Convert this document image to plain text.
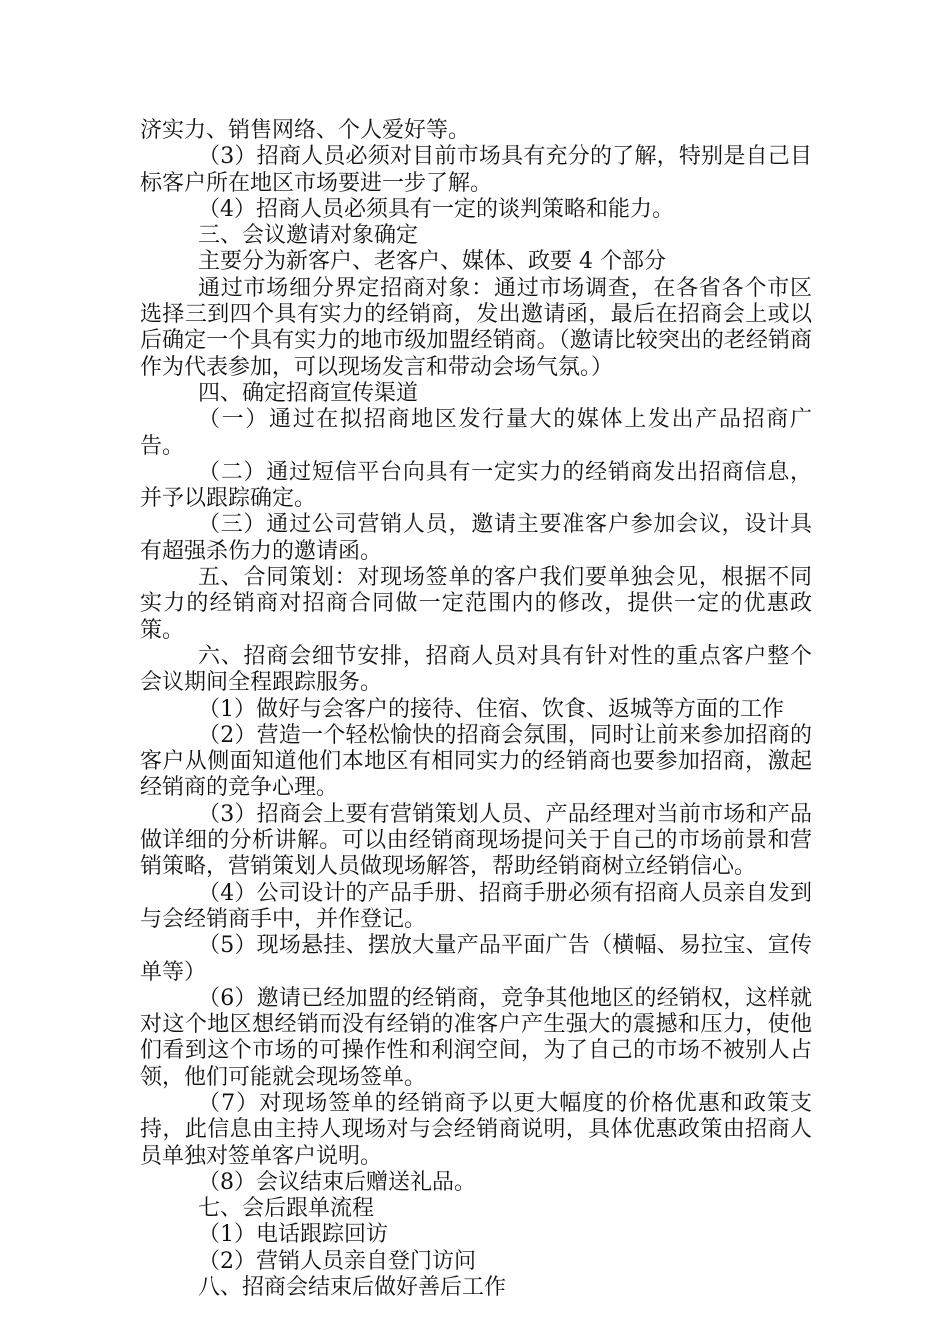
济实力、销售网络、个人爱好等。

（3）招商人员必须对目前市场具有充分的了解，特别是自己目标客户所在地区市场要进一步了解。

（4）招商人员必须具有一定的谈判策略和能力。

三、会议邀请对象确定

主要分为新客户、老客户、媒体、政要 4 个部分

通过市场细分界定招商对象：通过市场调查，在各省各个市区选择三到四个具有实力的经销商，发出邀请函，最后在招商会上或以后确定一个具有实力的地市级加盟经销商。（邀请比较突出的老经销商作为代表参加，可以现场发言和带动会场气氛。）

四、确定招商宣传渠道

（一）通过在拟招商地区发行量大的媒体上发出产品招商广告。

（二）通过短信平台向具有一定实力的经销商发出招商信息，并予以跟踪确定。

（三）通过公司营销人员，邀请主要准客户参加会议，设计具有超强杀伤力的邀请函。

五、合同策划：对现场签单的客户我们要单独会见，根据不同实力的经销商对招商合同做一定范围内的修改，提供一定的优惠政策。

六、招商会细节安排，招商人员对具有针对性的重点客户整个会议期间全程跟踪服务。

（1）做好与会客户的接待、住宿、饮食、返城等方面的工作

（2）营造一个轻松愉快的招商会氛围，同时让前来参加招商的客户从侧面知道他们本地区有相同实力的经销商也要参加招商，激起经销商的竞争心理。

（3）招商会上要有营销策划人员、产品经理对当前市场和产品做详细的分析讲解。可以由经销商现场提问关于自己的市场前景和营销策略，营销策划人员做现场解答，帮助经销商树立经销信心。

（4）公司设计的产品手册、招商手册必须有招商人员亲自发到与会经销商手中，并作登记。

（5）现场悬挂、摆放大量产品平面广告（横幅、易拉宝、宣传单等）

（6）邀请已经加盟的经销商，竞争其他地区的经销权，这样就对这个地区想经销而没有经销的准客户产生强大的震撼和压力，使他们看到这个市场的可操作性和利润空间，为了自己的市场不被别人占领，他们可能就会现场签单。

（7）对现场签单的经销商予以更大幅度的价格优惠和政策支持，此信息由主持人现场对与会经销商说明，具体优惠政策由招商人员单独对签单客户说明。

（8）会议结束后赠送礼品。

七、会后跟单流程

（1）电话跟踪回访

（2）营销人员亲自登门访问

八、招商会结束后做好善后工作
